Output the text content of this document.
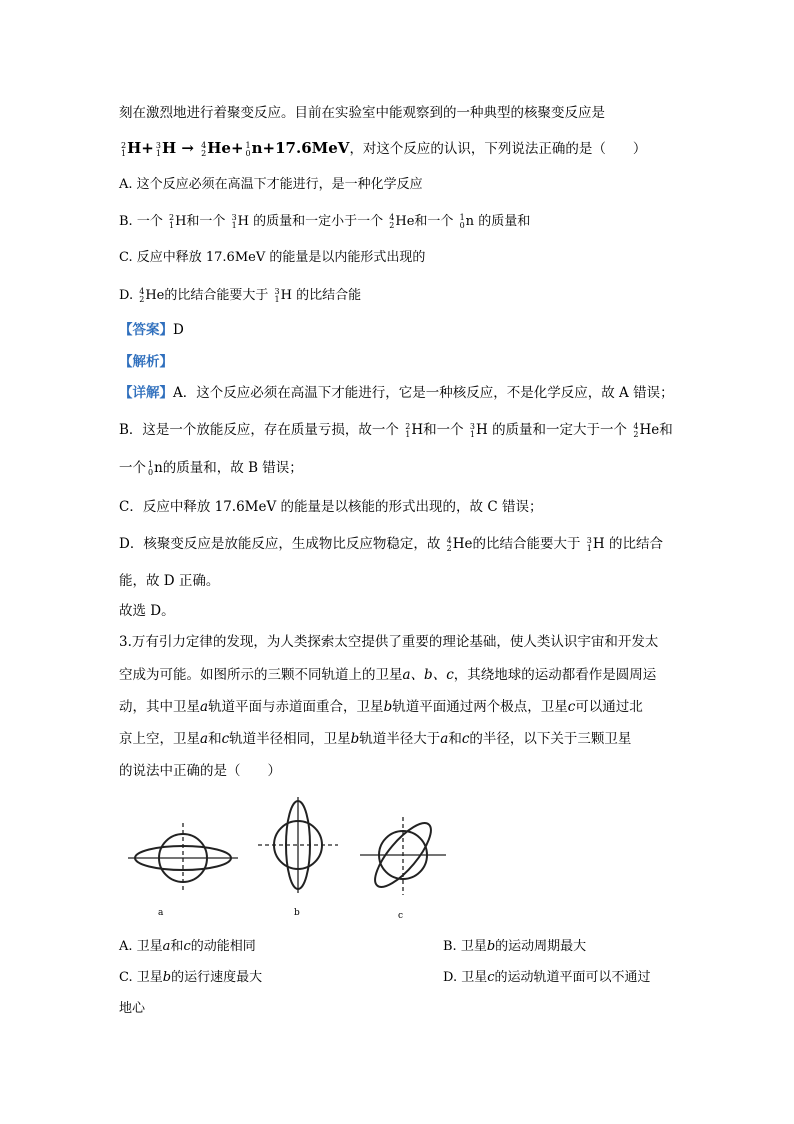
刻在激烈地进行着聚变反应。目前在实验室中能观察到的一种典型的核聚变反应是
2
1 H+ 3
1 H → 4
2 He+ 1
0 n+17.6MeV，对这个反应的认识，下列说法正确的是（　　）
A. 这个反应必须在高温下才能进行，是一种化学反应
B. 一个 2
1 H和一个 3
1 H 的质量和一定小于一个 4
2 He和一个 1
0 n 的质量和
C. 反应中释放 17.6MeV 的能量是以内能形式出现的
D. 4
2 He的比结合能要大于 3
1 H 的比结合能
【答案】D
【解析】
【详解】A．这个反应必须在高温下才能进行，它是一种核反应，不是化学反应，故 A 错误；
B．这是一个放能反应，存在质量亏损，故一个 2
1 H和一个 3
1 H 的质量和一定大于一个 4
2 He和
一个 1
0 n的质量和，故 B 错误；
C．反应中释放 17.6MeV 的能量是以核能的形式出现的，故 C 错误；
D．核聚变反应是放能反应，生成物比反应物稳定，故 4
2 He的比结合能要大于 3
1 H 的比结合
能，故 D 正确。
故选 D。
3.万有引力定律的发现，为人类探索太空提供了重要的理论基础，使人类认识宇宙和开发太
空成为可能。如图所示的三颗不同轨道上的卫星a、b、c，其绕地球的运动都看作是圆周运
动，其中卫星a轨道平面与赤道面重合，卫星b轨道平面通过两个极点，卫星c可以通过北
京上空，卫星a和c轨道半径相同，卫星b轨道半径大于a和c的半径，以下关于三颗卫星
的说法中正确的是（　　）
a	b	c
A. 卫星a和c的动能相同	B. 卫星b的运动周期最大
C. 卫星b的运行速度最大	D. 卫星c的运动轨道平面可以不通过
地心
